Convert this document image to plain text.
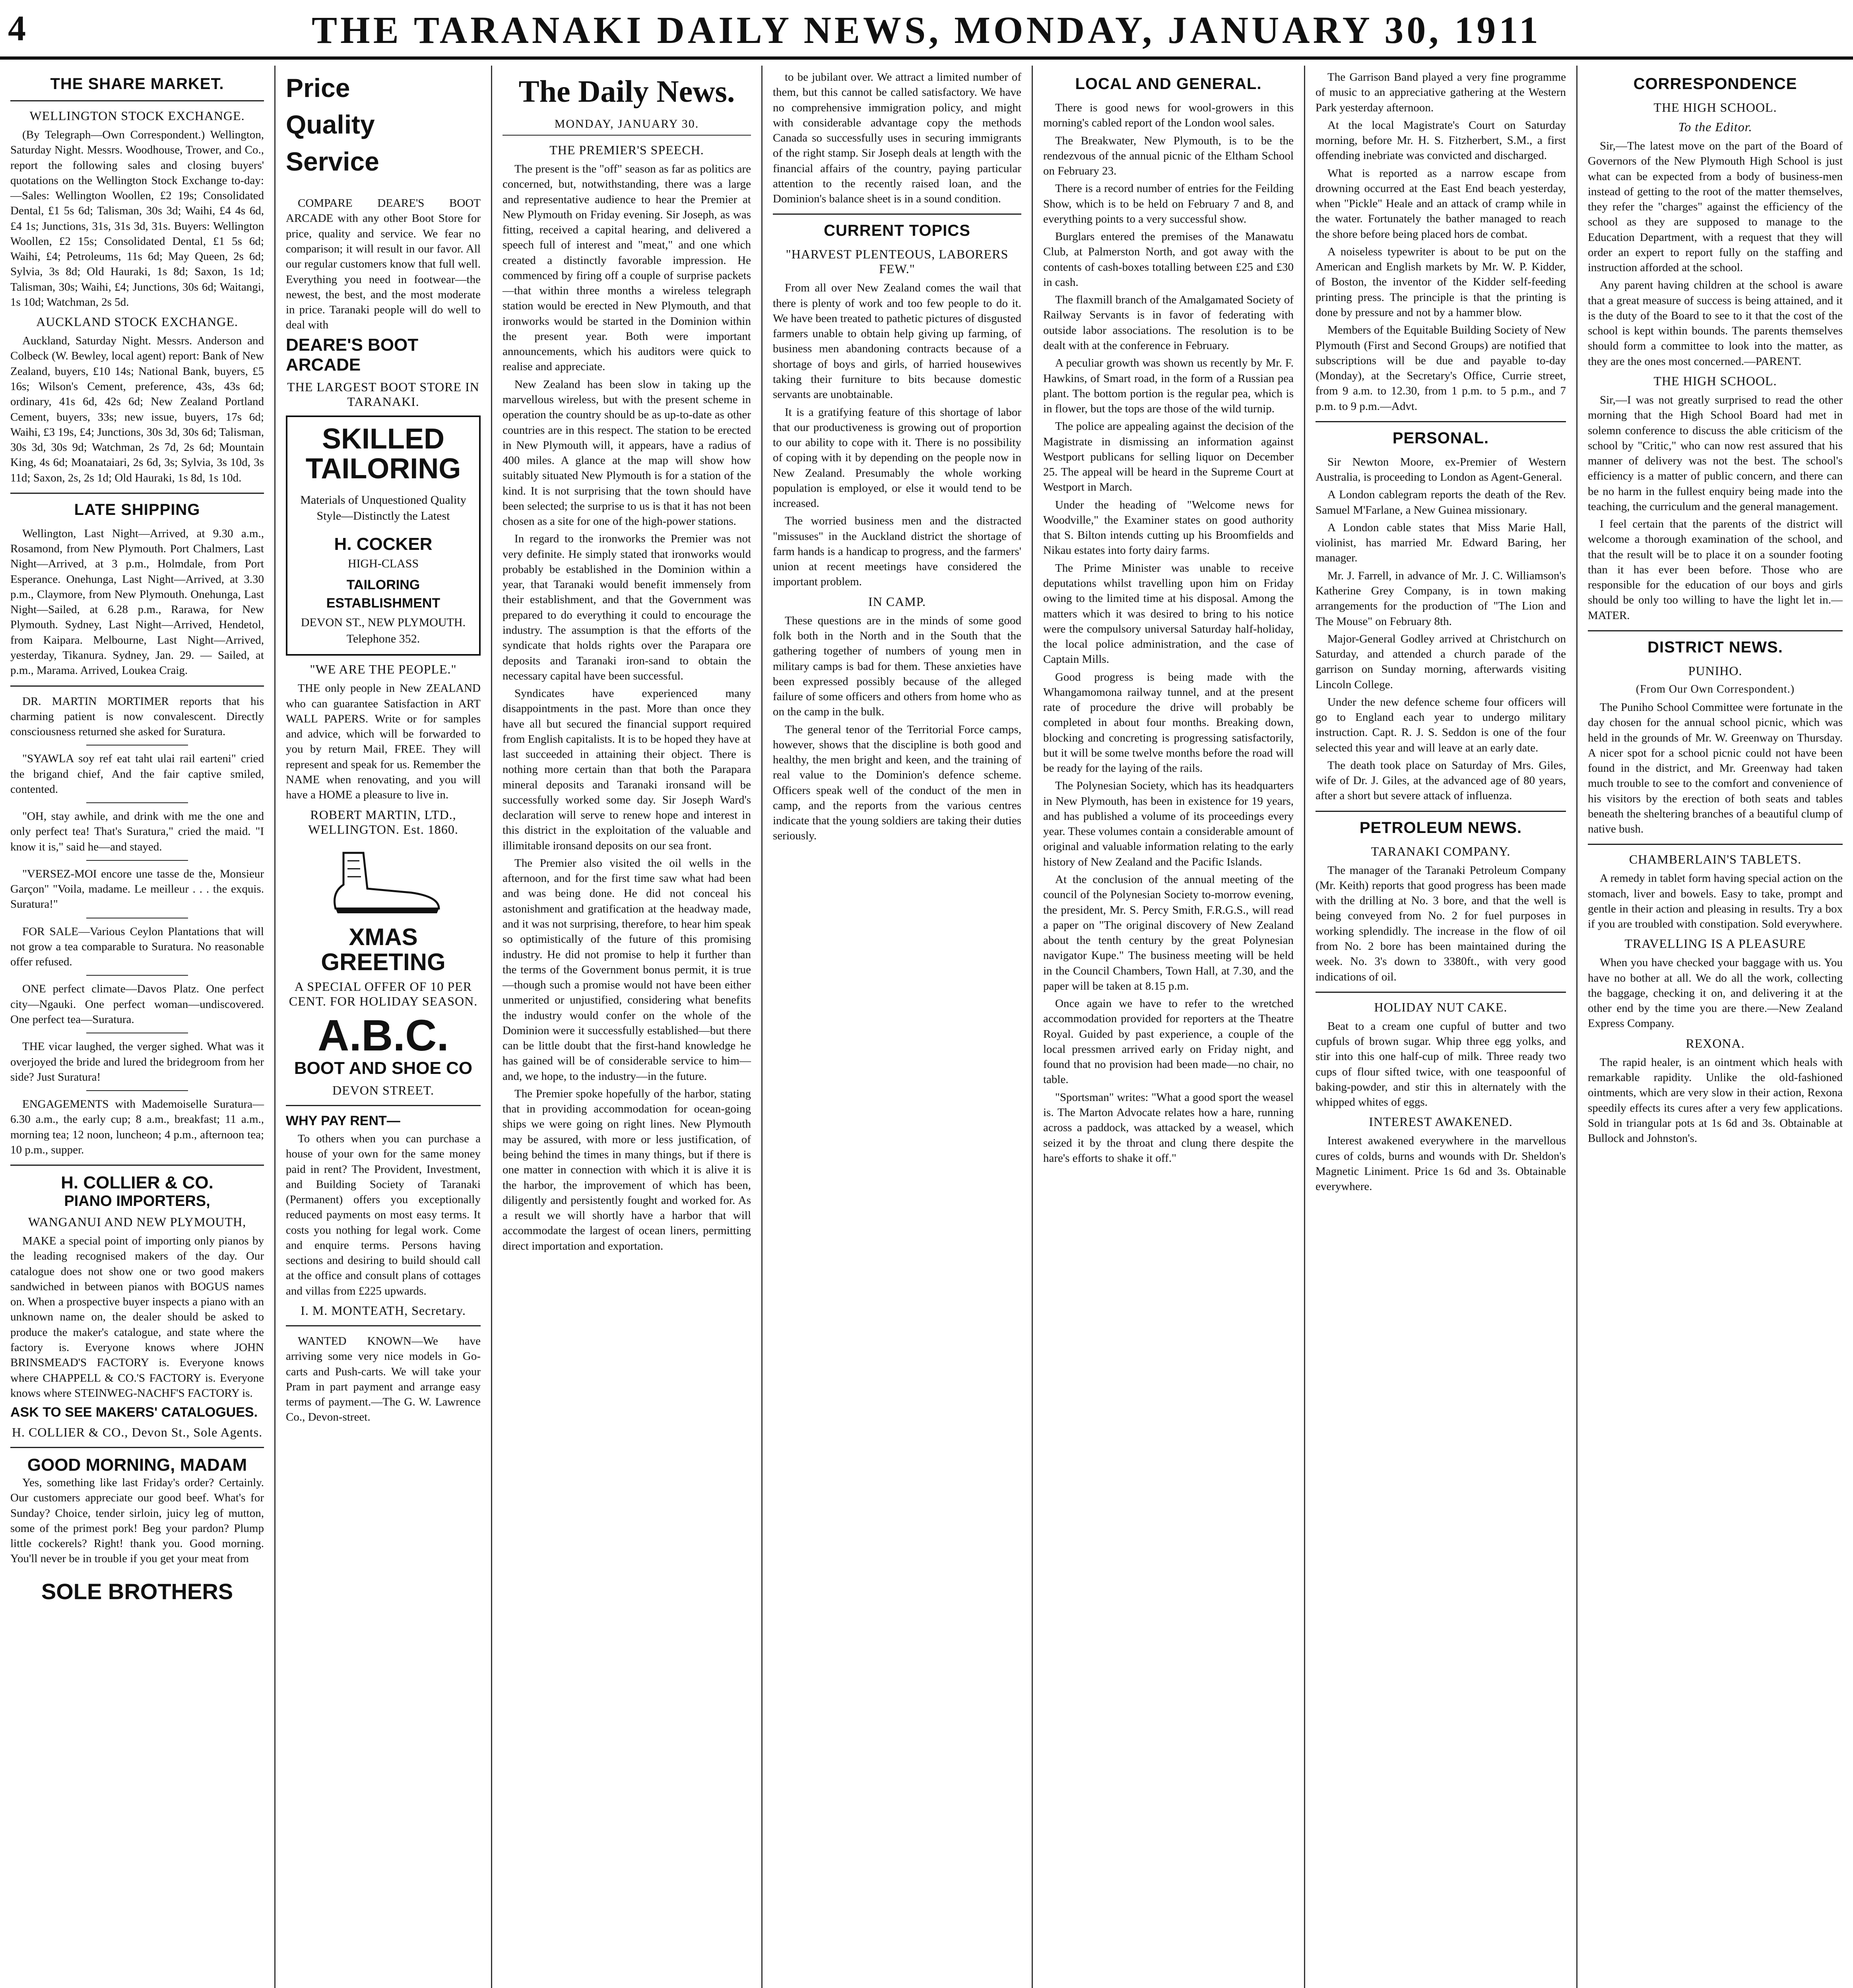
4	THE TARANAKI DAILY NEWS, MONDAY, JANUARY 30, 1911
THE SHARE MARKET.
WELLINGTON STOCK EXCHANGE.

(By Telegraph—Own Correspondent.) Wellington, Saturday Night. Messrs. Woodhouse, Trower, and Co., report the following sales and closing buyers' quotations on the Wellington Stock Exchange to-day:—Sales: Wellington Woollen, £2 19s; Consolidated Dental, £1 5s 6d; Talisman, 30s 3d; Waihi, £4 4s 6d, £4 1s; Junctions, 31s, 31s 3d, 31s. Buyers: Wellington Woollen, £2 15s; Consolidated Dental, £1 5s 6d; Waihi, £4; Petroleums, 11s 6d; May Queen, 2s 6d; Sylvia, 3s 8d; Old Hauraki, 1s 8d; Saxon, 1s 1d; Talisman, 30s; Waihi, £4; Junctions, 30s 6d; Waitangi, 1s 10d; Watchman, 2s 5d.

AUCKLAND STOCK EXCHANGE.

Auckland, Saturday Night. Messrs. Anderson and Colbeck (W. Bewley, local agent) report: Bank of New Zealand, buyers, £10 14s; National Bank, buyers, £5 16s; Wilson's Cement, preference, 43s, 43s 6d; ordinary, 41s 6d, 42s 6d; New Zealand Portland Cement, buyers, 33s; new issue, buyers, 17s 6d; Waihi, £3 19s, £4; Junctions, 30s 3d, 30s 6d; Talisman, 30s 3d, 30s 9d; Watchman, 2s 7d, 2s 6d; Mountain King, 4s 6d; Moanataiari, 2s 6d, 3s; Sylvia, 3s 10d, 3s 11d; Saxon, 2s, 2s 1d; Old Hauraki, 1s 8d, 1s 10d.

LATE SHIPPING

Wellington, Last Night—Arrived, at 9.30 a.m., Rosamond, from New Plymouth. Port Chalmers, Last Night—Arrived, at 3 p.m., Holmdale, from Port Esperance. Onehunga, Last Night—Arrived, at 3.30 p.m., Claymore, from New Plymouth. Onehunga, Last Night—Sailed, at 6.28 p.m., Rarawa, for New Plymouth. Sydney, Last Night—Arrived, Hendetol, from Kaipara. Melbourne, Last Night—Arrived, yesterday, Tikanura. Sydney, Jan. 29. — Sailed, at p.m., Marama. Arrived, Loukea Craig.

DR. MARTIN MORTIMER reports that his charming patient is now convalescent. Directly consciousness returned she asked for Suratura.

"SYAWLA soy ref eat taht ulai rail earteni" cried the brigand chief, And the fair captive smiled, contented.

"OH, stay awhile, and drink with me the one and only perfect tea! That's Suratura," cried the maid. "I know it is," said he—and stayed.

"VERSEZ-MOI encore une tasse de the, Monsieur Garçon" "Voila, madame. Le meilleur . . . the exquis. Suratura!"

FOR SALE—Various Ceylon Plantations that will not grow a tea comparable to Suratura. No reasonable offer refused.

ONE perfect climate—Davos Platz. One perfect city—Ngauki. One perfect woman—undiscovered. One perfect tea—Suratura.

THE vicar laughed, the verger sighed. What was it overjoyed the bride and lured the bridegroom from her side? Just Suratura!

ENGAGEMENTS with Mademoiselle Suratura—6.30 a.m., the early cup; 8 a.m., breakfast; 11 a.m., morning tea; 12 noon, luncheon; 4 p.m., afternoon tea; 10 p.m., supper.

H. COLLIER & CO.
PIANO IMPORTERS,
WANGANUI AND NEW PLYMOUTH,

MAKE a special point of importing only pianos by the leading recognised makers of the day. Our catalogue does not show one or two good makers sandwiched in between pianos with BOGUS names on. When a prospective buyer inspects a piano with an unknown name on, the dealer should be asked to produce the maker's catalogue, and state where the factory is. Everyone knows where JOHN BRINSMEAD'S FACTORY is. Everyone knows where CHAPPELL & CO.'S FACTORY is. Everyone knows where STEINWEG-NACHF'S FACTORY is.

ASK TO SEE MAKERS' CATALOGUES.
H. COLLIER & CO., Devon St., Sole Agents.
GOOD MORNING, MADAM

Yes, something like last Friday's order? Certainly. Our customers appreciate our good beef. What's for Sunday? Choice, tender sirloin, juicy leg of mutton, some of the primest pork! Beg your pardon? Plump little cockerels? Right! thank you. Good morning. You'll never be in trouble if you get your meat from

SOLE BROTHERS
Price
Quality
Service

COMPARE DEARE'S BOOT ARCADE with any other Boot Store for price, quality and service. We fear no comparison; it will result in our favor. All our regular customers know that full well. Everything you need in footwear—the newest, the best, and the most moderate in price. Taranaki people will do well to deal with

DEARE'S BOOT ARCADE
THE LARGEST BOOT STORE IN TARANAKI.
SKILLED TAILORING
Materials of Unquestioned Quality Style—Distinctly the Latest
H. COCKER
HIGH-CLASS
TAILORING ESTABLISHMENT
DEVON ST., NEW PLYMOUTH.
Telephone 352.
"WE ARE THE PEOPLE."

THE only people in New ZEALAND who can guarantee Satisfaction in ART WALL PAPERS. Write or for samples and advice, which will be forwarded to you by return Mail, FREE. They will represent and speak for us. Remember the NAME when renovating, and you will have a HOME a pleasure to live in.

ROBERT MARTIN, LTD., WELLINGTON. Est. 1860.
XMAS GREETING
A SPECIAL OFFER OF 10 PER CENT. FOR HOLIDAY SEASON.
A.B.C.
BOOT AND SHOE CO
DEVON STREET.
WHY PAY RENT—

To others when you can purchase a house of your own for the same money paid in rent? The Provident, Investment, and Building Society of Taranaki (Permanent) offers you exceptionally reduced payments on most easy terms. It costs you nothing for legal work. Come and enquire terms. Persons having sections and desiring to build should call at the office and consult plans of cottages and villas from £225 upwards.

I. M. MONTEATH, Secretary.

WANTED KNOWN—We have arriving some very nice models in Go-carts and Push-carts. We will take your Pram in part payment and arrange easy terms of payment.—The G. W. Lawrence Co., Devon-street.

The Daily News.
MONDAY, JANUARY 30.
THE PREMIER'S SPEECH.

The present is the "off" season as far as politics are concerned, but, notwithstanding, there was a large and representative audience to hear the Premier at New Plymouth on Friday evening. Sir Joseph, as was fitting, received a capital hearing, and delivered a speech full of interest and "meat," and one which created a distinctly favorable impression. He commenced by firing off a couple of surprise packets—that within three months a wireless telegraph station would be erected in New Plymouth, and that ironworks would be started in the Dominion within the present year. Both were important announcements, which his auditors were quick to realise and appreciate.

New Zealand has been slow in taking up the marvellous wireless, but with the present scheme in operation the country should be as up-to-date as other countries are in this respect. The station to be erected in New Plymouth will, it appears, have a radius of 400 miles. A glance at the map will show how suitably situated New Plymouth is for a station of the kind. It is not surprising that the town should have been selected; the surprise to us is that it has not been chosen as a site for one of the high-power stations.

In regard to the ironworks the Premier was not very definite. He simply stated that ironworks would probably be established in the Dominion within a year, that Taranaki would benefit immensely from their establishment, and that the Government was prepared to do everything it could to encourage the industry. The assumption is that the efforts of the syndicate that holds rights over the Parapara ore deposits and Taranaki iron-sand to obtain the necessary capital have been successful.

Syndicates have experienced many disappointments in the past. More than once they have all but secured the financial support required from English capitalists. It is to be hoped they have at last succeeded in attaining their object. There is nothing more certain than that both the Parapara mineral deposits and Taranaki ironsand will be successfully worked some day. Sir Joseph Ward's declaration will serve to renew hope and interest in this district in the exploitation of the valuable and illimitable ironsand deposits on our sea front.

The Premier also visited the oil wells in the afternoon, and for the first time saw what had been and was being done. He did not conceal his astonishment and gratification at the headway made, and it was not surprising, therefore, to hear him speak so optimistically of the future of this promising industry. He did not promise to help it further than the terms of the Government bonus permit, it is true—though such a promise would not have been either unmerited or unjustified, considering what benefits the industry would confer on the whole of the Dominion were it successfully established—but there can be little doubt that the first-hand knowledge he has gained will be of considerable service to him—and, we hope, to the industry—in the future.

The Premier spoke hopefully of the harbor, stating that in providing accommodation for ocean-going ships we were going on right lines. New Plymouth may be assured, with more or less justification, of being behind the times in many things, but if there is one matter in connection with which it is alive it is the harbor, the improvement of which has been, diligently and persistently fought and worked for. As a result we will shortly have a harbor that will accommodate the largest of ocean liners, permitting direct importation and exportation.

to be jubilant over. We attract a limited number of them, but this cannot be called satisfactory. We have no comprehensive immigration policy, and might with considerable advantage copy the methods Canada so successfully uses in securing immigrants of the right stamp. Sir Joseph deals at length with the financial affairs of the country, paying particular attention to the recently raised loan, and the Dominion's balance sheet is in a sound condition.

CURRENT TOPICS
"HARVEST PLENTEOUS, LABORERS FEW."

From all over New Zealand comes the wail that there is plenty of work and too few people to do it. We have been treated to pathetic pictures of disgusted farmers unable to obtain help giving up farming, of business men abandoning contracts because of a shortage of boys and girls, of harried housewives taking their furniture to bits because domestic servants are unobtainable.

It is a gratifying feature of this shortage of labor that our productiveness is growing out of proportion to our ability to cope with it. There is no possibility of coping with it by depending on the people now in New Zealand. Presumably the whole working population is employed, or else it would tend to be increased.

The worried business men and the distracted "missuses" in the Auckland district the shortage of farm hands is a handicap to progress, and the farmers' union at recent meetings have considered the important problem.

IN CAMP.

These questions are in the minds of some good folk both in the North and in the South that the gathering together of numbers of young men in military camps is bad for them. These anxieties have been expressed possibly because of the alleged failure of some officers and others from home who as on the camp in the bulk.

The general tenor of the Territorial Force camps, however, shows that the discipline is both good and healthy, the men bright and keen, and the training of real value to the Dominion's defence scheme. Officers speak well of the conduct of the men in camp, and the reports from the various centres indicate that the young soldiers are taking their duties seriously.

LOCAL AND GENERAL.

There is good news for wool-growers in this morning's cabled report of the London wool sales.

The Breakwater, New Plymouth, is to be the rendezvous of the annual picnic of the Eltham School on February 23.

There is a record number of entries for the Feilding Show, which is to be held on February 7 and 8, and everything points to a very successful show.

Burglars entered the premises of the Manawatu Club, at Palmerston North, and got away with the contents of cash-boxes totalling between £25 and £30 in cash.

The flaxmill branch of the Amalgamated Society of Railway Servants is in favor of federating with outside labor associations. The resolution is to be dealt with at the conference in February.

A peculiar growth was shown us recently by Mr. F. Hawkins, of Smart road, in the form of a Russian pea plant. The bottom portion is the regular pea, which is in flower, but the tops are those of the wild turnip.

The police are appealing against the decision of the Magistrate in dismissing an information against Westport publicans for selling liquor on December 25. The appeal will be heard in the Supreme Court at Westport in March.

Under the heading of "Welcome news for Woodville," the Examiner states on good authority that S. Bilton intends cutting up his Broomfields and Nikau estates into forty dairy farms.

The Prime Minister was unable to receive deputations whilst travelling upon him on Friday owing to the limited time at his disposal. Among the matters which it was desired to bring to his notice were the compulsory universal Saturday half-holiday, the local police administration, and the case of Captain Mills.

Good progress is being made with the Whangamomona railway tunnel, and at the present rate of procedure the drive will probably be completed in about four months. Breaking down, blocking and concreting is progressing satisfactorily, but it will be some twelve months before the road will be ready for the laying of the rails.

The Polynesian Society, which has its headquarters in New Plymouth, has been in existence for 19 years, and has published a volume of its proceedings every year. These volumes contain a considerable amount of original and valuable information relating to the early history of New Zealand and the Pacific Islands.

At the conclusion of the annual meeting of the council of the Polynesian Society to-morrow evening, the president, Mr. S. Percy Smith, F.R.G.S., will read a paper on "The original discovery of New Zealand about the tenth century by the great Polynesian navigator Kupe." The business meeting will be held in the Council Chambers, Town Hall, at 7.30, and the paper will be taken at 8.15 p.m.

Once again we have to refer to the wretched accommodation provided for reporters at the Theatre Royal. Guided by past experience, a couple of the local pressmen arrived early on Friday night, and found that no provision had been made—no chair, no table.

"Sportsman" writes: "What a good sport the weasel is. The Marton Advocate relates how a hare, running across a paddock, was attacked by a weasel, which seized it by the throat and clung there despite the hare's efforts to shake it off."

The Garrison Band played a very fine programme of music to an appreciative gathering at the Western Park yesterday afternoon.

At the local Magistrate's Court on Saturday morning, before Mr. H. S. Fitzherbert, S.M., a first offending inebriate was convicted and discharged.

What is reported as a narrow escape from drowning occurred at the East End beach yesterday, when "Pickle" Heale and an attack of cramp while in the water. Fortunately the bather managed to reach the shore before being placed hors de combat.

A noiseless typewriter is about to be put on the American and English markets by Mr. W. P. Kidder, of Boston, the inventor of the Kidder self-feeding printing press. The principle is that the printing is done by pressure and not by a hammer blow.

Members of the Equitable Building Society of New Plymouth (First and Second Groups) are notified that subscriptions will be due and payable to-day (Monday), at the Secretary's Office, Currie street, from 9 a.m. to 12.30, from 1 p.m. to 5 p.m., and 7 p.m. to 9 p.m.—Advt.

PERSONAL.

Sir Newton Moore, ex-Premier of Western Australia, is proceeding to London as Agent-General.

A London cablegram reports the death of the Rev. Samuel M'Farlane, a New Guinea missionary.

A London cable states that Miss Marie Hall, violinist, has married Mr. Edward Baring, her manager.

Mr. J. Farrell, in advance of Mr. J. C. Williamson's Katherine Grey Company, is in town making arrangements for the production of "The Lion and The Mouse" on February 8th.

Major-General Godley arrived at Christchurch on Saturday, and attended a church parade of the garrison on Sunday morning, afterwards visiting Lincoln College.

Under the new defence scheme four officers will go to England each year to undergo military instruction. Capt. R. J. S. Seddon is one of the four selected this year and will leave at an early date.

The death took place on Saturday of Mrs. Giles, wife of Dr. J. Giles, at the advanced age of 80 years, after a short but severe attack of influenza.

PETROLEUM NEWS.
TARANAKI COMPANY.

The manager of the Taranaki Petroleum Company (Mr. Keith) reports that good progress has been made with the drilling at No. 3 bore, and that the well is being conveyed from No. 2 for fuel purposes in working splendidly. The increase in the flow of oil from No. 2 bore has been maintained during the week. No. 3's down to 3380ft., with very good indications of oil.

HOLIDAY NUT CAKE.

Beat to a cream one cupful of butter and two cupfuls of brown sugar. Whip three egg yolks, and stir into this one half-cup of milk. Three ready two cups of flour sifted twice, with one teaspoonful of baking-powder, and stir this in alternately with the whipped whites of eggs.

INTEREST AWAKENED.

Interest awakened everywhere in the marvellous cures of colds, burns and wounds with Dr. Sheldon's Magnetic Liniment. Price 1s 6d and 3s. Obtainable everywhere.

CORRESPONDENCE
THE HIGH SCHOOL.
To the Editor.

Sir,—The latest move on the part of the Board of Governors of the New Plymouth High School is just what can be expected from a body of business-men instead of getting to the root of the matter themselves, they refer the "charges" against the efficiency of the school as they are supposed to manage to the Education Department, with a request that they will order an expert to report fully on the staffing and instruction afforded at the school.

Any parent having children at the school is aware that a great measure of success is being attained, and it is the duty of the Board to see to it that the cost of the school is kept within bounds. The parents themselves should form a committee to look into the matter, as they are the ones most concerned.—PARENT.

THE HIGH SCHOOL.

Sir,—I was not greatly surprised to read the other morning that the High School Board had met in solemn conference to discuss the able criticism of the school by "Critic," who can now rest assured that his manner of delivery was not the best. The school's efficiency is a matter of public concern, and there can be no harm in the fullest enquiry being made into the teaching, the curriculum and the general management.

I feel certain that the parents of the district will welcome a thorough examination of the school, and that the result will be to place it on a sounder footing than it has ever been before. Those who are responsible for the education of our boys and girls should be only too willing to have the light let in.—MATER.

DISTRICT NEWS.
PUNIHO.
(From Our Own Correspondent.)

The Puniho School Committee were fortunate in the day chosen for the annual school picnic, which was held in the grounds of Mr. W. Greenway on Thursday. A nicer spot for a school picnic could not have been found in the district, and Mr. Greenway had taken much trouble to see to the comfort and convenience of his visitors by the erection of both seats and tables beneath the sheltering branches of a beautiful clump of native bush.

CHAMBERLAIN'S TABLETS.

A remedy in tablet form having special action on the stomach, liver and bowels. Easy to take, prompt and gentle in their action and pleasing in results. Try a box if you are troubled with constipation. Sold everywhere.

TRAVELLING IS A PLEASURE

When you have checked your baggage with us. You have no bother at all. We do all the work, collecting the baggage, checking it on, and delivering it at the other end by the time you are there.—New Zealand Express Company.

REXONA.

The rapid healer, is an ointment which heals with remarkable rapidity. Unlike the old-fashioned ointments, which are very slow in their action, Rexona speedily effects its cures after a very few applications. Sold in triangular pots at 1s 6d and 3s. Obtainable at Bullock and Johnston's.
